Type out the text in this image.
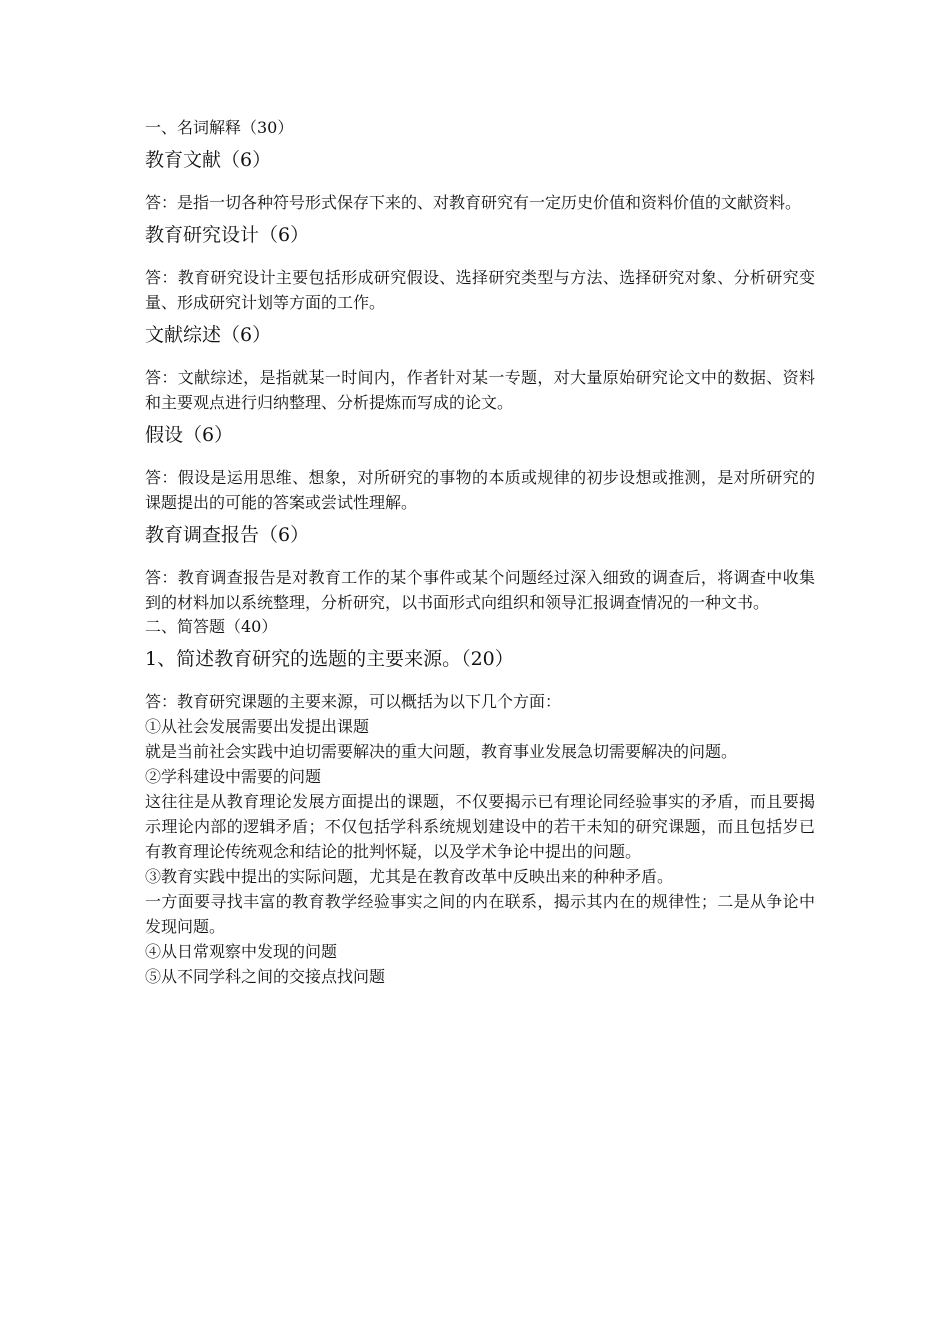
一、名词解释（30）

教育文献（6）

答：是指一切各种符号形式保存下来的、对教育研究有一定历史价值和资料价值的文献资料。

教育研究设计（6）

答：教育研究设计主要包括形成研究假设、选择研究类型与方法、选择研究对象、分析研究变量、形成研究计划等方面的工作。

文献综述（6）

答：文献综述，是指就某一时间内，作者针对某一专题，对大量原始研究论文中的数据、资料和主要观点进行归纳整理、分析提炼而写成的论文。

假设（6）

答：假设是运用思维、想象，对所研究的事物的本质或规律的初步设想或推测，是对所研究的课题提出的可能的答案或尝试性理解。

教育调查报告（6）

答：教育调查报告是对教育工作的某个事件或某个问题经过深入细致的调查后，将调查中收集到的材料加以系统整理，分析研究，以书面形式向组织和领导汇报调查情况的一种文书。

二、简答题（40）

1、简述教育研究的选题的主要来源。（20）

答：教育研究课题的主要来源，可以概括为以下几个方面：

①从社会发展需要出发提出课题

就是当前社会实践中迫切需要解决的重大问题，教育事业发展急切需要解决的问题。

②学科建设中需要的问题

这往往是从教育理论发展方面提出的课题，不仅要揭示已有理论同经验事实的矛盾，而且要揭示理论内部的逻辑矛盾；不仅包括学科系统规划建设中的若干未知的研究课题，而且包括岁已有教育理论传统观念和结论的批判怀疑，以及学术争论中提出的问题。

③教育实践中提出的实际问题，尤其是在教育改革中反映出来的种种矛盾。

一方面要寻找丰富的教育教学经验事实之间的内在联系，揭示其内在的规律性；二是从争论中发现问题。

④从日常观察中发现的问题

⑤从不同学科之间的交接点找问题
